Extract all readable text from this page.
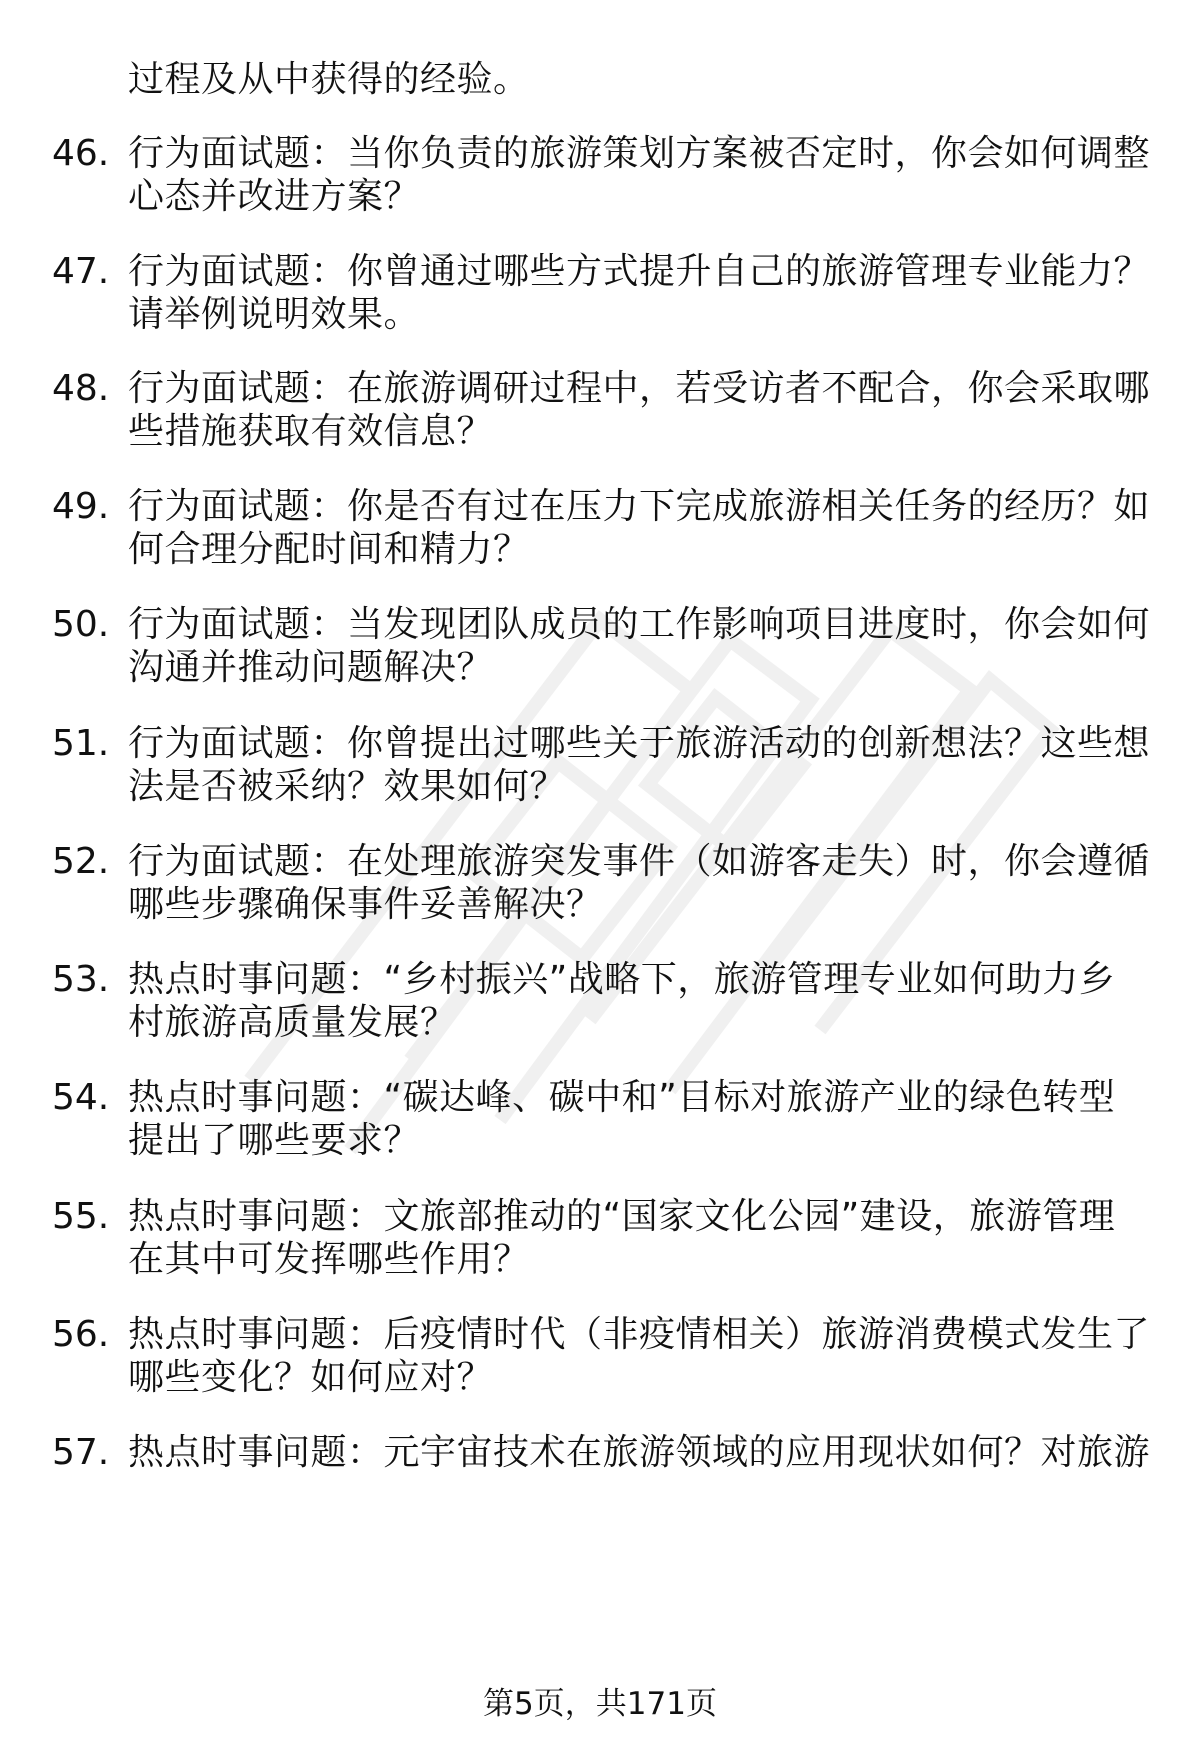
过程及从中获得的经验。
46. 行为面试题：当你负责的旅游策划方案被否定时，你会如何调整
心态并改进方案？
47. 行为面试题：你曾通过哪些方式提升自己的旅游管理专业能力？
请举例说明效果。
48. 行为面试题：在旅游调研过程中，若受访者不配合，你会采取哪
些措施获取有效信息？
49. 行为面试题：你是否有过在压力下完成旅游相关任务的经历？如
何合理分配时间和精力？
50. 行为面试题：当发现团队成员的工作影响项目进度时，你会如何
沟通并推动问题解决？
51. 行为面试题：你曾提出过哪些关于旅游活动的创新想法？这些想
法是否被采纳？效果如何？
52. 行为面试题：在处理旅游突发事件（如游客走失）时，你会遵循
哪些步骤确保事件妥善解决？
53. 热点时事问题：“乡村振兴”战略下，旅游管理专业如何助力乡
村旅游高质量发展？
54. 热点时事问题：“碳达峰、碳中和”目标对旅游产业的绿色转型
提出了哪些要求？
55. 热点时事问题：文旅部推动的“国家文化公园”建设，旅游管理
在其中可发挥哪些作用？
56. 热点时事问题：后疫情时代（非疫情相关）旅游消费模式发生了
哪些变化？如何应对？
57. 热点时事问题：元宇宙技术在旅游领域的应用现状如何？对旅游
第5页，共171页
